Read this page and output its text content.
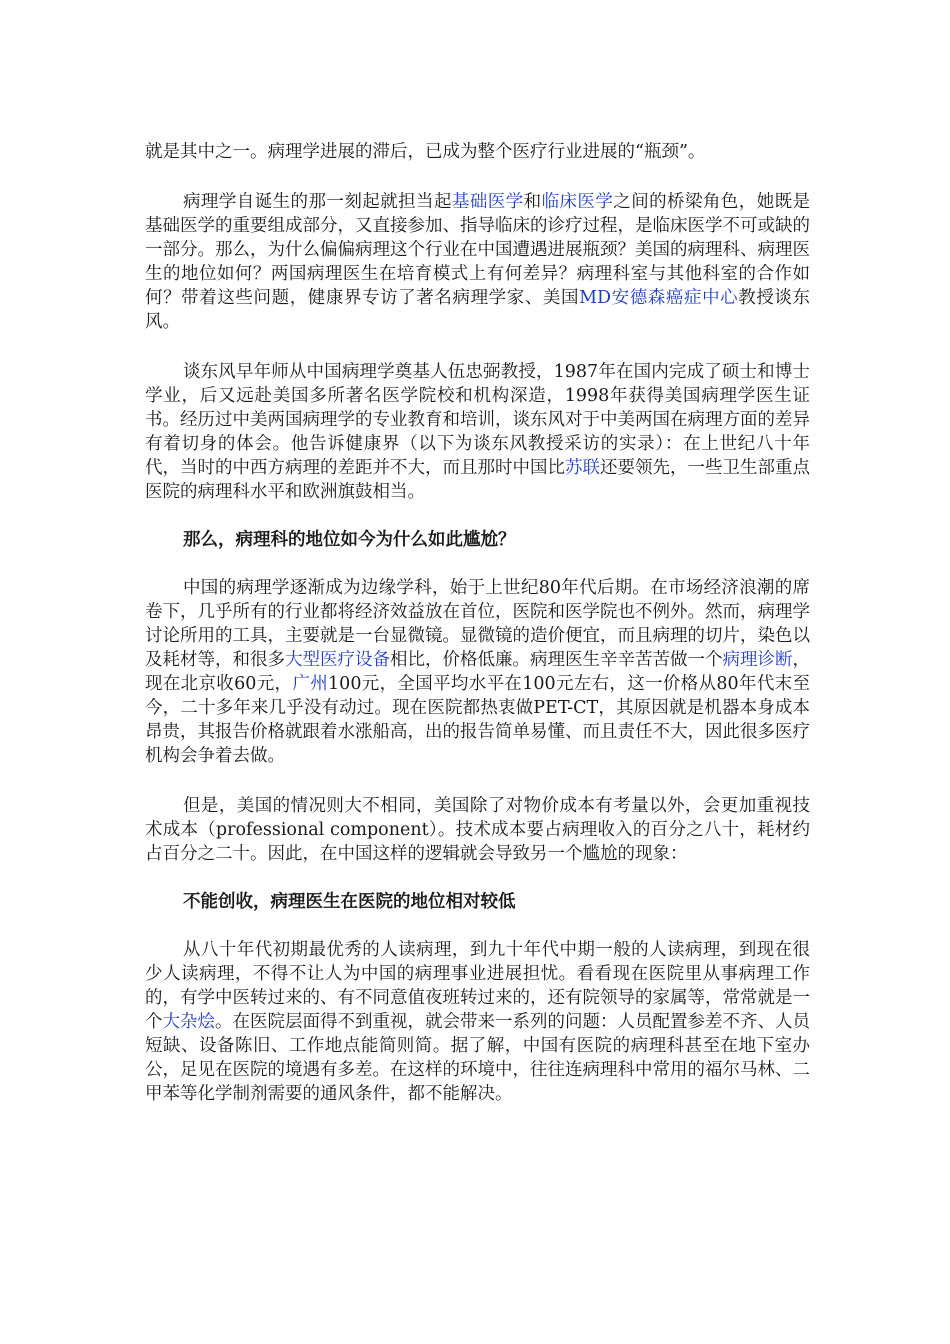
就是其中之一。病理学进展的滞后，已成为整个医疗行业进展的“瓶颈”。

病理学自诞生的那一刻起就担当起基础医学和临床医学之间的桥梁角色，她既是基础医学的重要组成部分，又直接参加、指导临床的诊疗过程，是临床医学不可或缺的一部分。那么，为什么偏偏病理这个行业在中国遭遇进展瓶颈？美国的病理科、病理医生的地位如何？两国病理医生在培育模式上有何差异？病理科室与其他科室的合作如何？带着这些问题，健康界专访了著名病理学家、美国MD安德森癌症中心教授谈东风。

谈东风早年师从中国病理学奠基人伍忠弼教授，1987年在国内完成了硕士和博士学业，后又远赴美国多所著名医学院校和机构深造，1998年获得美国病理学医生证书。经历过中美两国病理学的专业教育和培训，谈东风对于中美两国在病理方面的差异有着切身的体会。他告诉健康界（以下为谈东风教授采访的实录）：在上世纪八十年代，当时的中西方病理的差距并不大，而且那时中国比苏联还要领先，一些卫生部重点医院的病理科水平和欧洲旗鼓相当。

那么，病理科的地位如今为什么如此尴尬？

中国的病理学逐渐成为边缘学科，始于上世纪80年代后期。在市场经济浪潮的席卷下，几乎所有的行业都将经济效益放在首位，医院和医学院也不例外。然而，病理学讨论所用的工具，主要就是一台显微镜。显微镜的造价便宜，而且病理的切片，染色以及耗材等，和很多大型医疗设备相比，价格低廉。病理医生辛辛苦苦做一个病理诊断，现在北京收60元，广州100元，全国平均水平在100元左右，这一价格从80年代末至今，二十多年来几乎没有动过。现在医院都热衷做PET-CT，其原因就是机器本身成本昂贵，其报告价格就跟着水涨船高，出的报告简单易懂、而且责任不大，因此很多医疗机构会争着去做。

但是，美国的情况则大不相同，美国除了对物价成本有考量以外，会更加重视技术成本（professional component）。技术成本要占病理收入的百分之八十，耗材约占百分之二十。因此，在中国这样的逻辑就会导致另一个尴尬的现象：

不能创收，病理医生在医院的地位相对较低

从八十年代初期最优秀的人读病理，到九十年代中期一般的人读病理，到现在很少人读病理，不得不让人为中国的病理事业进展担忧。看看现在医院里从事病理工作的，有学中医转过来的、有不同意值夜班转过来的，还有院领导的家属等，常常就是一个大杂烩。在医院层面得不到重视，就会带来一系列的问题：人员配置参差不齐、人员短缺、设备陈旧、工作地点能简则简。据了解，中国有医院的病理科甚至在地下室办公，足见在医院的境遇有多差。在这样的环境中，往往连病理科中常用的福尔马林、二甲苯等化学制剂需要的通风条件，都不能解决。
